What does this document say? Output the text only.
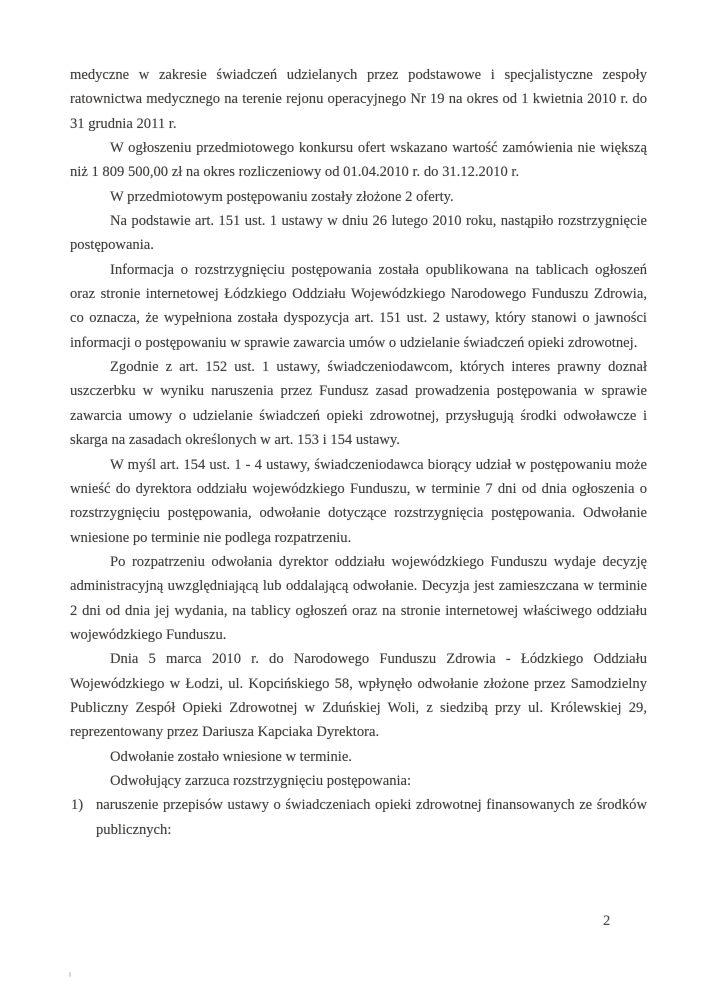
medyczne w zakresie świadczeń udzielanych przez podstawowe i specjalistyczne zespoły ratownictwa medycznego na terenie rejonu operacyjnego Nr 19 na okres od 1 kwietnia 2010 r. do 31 grudnia 2011 r.

W ogłoszeniu przedmiotowego konkursu ofert wskazano wartość zamówienia nie większą niż 1 809 500,00 zł na okres rozliczeniowy od 01.04.2010 r. do 31.12.2010 r.

W przedmiotowym postępowaniu zostały złożone 2 oferty.

Na podstawie art. 151 ust. 1 ustawy w dniu 26 lutego 2010 roku, nastąpiło rozstrzygnięcie postępowania.

Informacja o rozstrzygnięciu postępowania została opublikowana na tablicach ogłoszeń oraz stronie internetowej Łódzkiego Oddziału Wojewódzkiego Narodowego Funduszu Zdrowia, co oznacza, że wypełniona została dyspozycja art. 151 ust. 2 ustawy, który stanowi o jawności informacji o postępowaniu w sprawie zawarcia umów o udzielanie świadczeń opieki zdrowotnej.

Zgodnie z art. 152 ust. 1 ustawy, świadczeniodawcom, których interes prawny doznał uszczerbku w wyniku naruszenia przez Fundusz zasad prowadzenia postępowania w sprawie zawarcia umowy o udzielanie świadczeń opieki zdrowotnej, przysługują środki odwoławcze i skarga na zasadach określonych w art. 153 i 154 ustawy.

W myśl art. 154 ust. 1 - 4 ustawy, świadczeniodawca biorący udział w postępowaniu może wnieść do dyrektora oddziału wojewódzkiego Funduszu, w terminie 7 dni od dnia ogłoszenia o rozstrzygnięciu postępowania, odwołanie dotyczące rozstrzygnięcia postępowania. Odwołanie wniesione po terminie nie podlega rozpatrzeniu.

Po rozpatrzeniu odwołania dyrektor oddziału wojewódzkiego Funduszu wydaje decyzję administracyjną uwzględniającą lub oddalającą odwołanie. Decyzja jest zamieszczana w terminie 2 dni od dnia jej wydania, na tablicy ogłoszeń oraz na stronie internetowej właściwego oddziału wojewódzkiego Funduszu.

Dnia 5 marca 2010 r. do Narodowego Funduszu Zdrowia - Łódzkiego Oddziału Wojewódzkiego w Łodzi, ul. Kopcińskiego 58, wpłynęło odwołanie złożone przez Samodzielny Publiczny Zespół Opieki Zdrowotnej w Zduńskiej Woli, z siedzibą przy ul. Królewskiej 29, reprezentowany przez Dariusza Kapciaka Dyrektora.

Odwołanie zostało wniesione w terminie.

Odwołujący zarzuca rozstrzygnięciu postępowania:

1) naruszenie przepisów ustawy o świadczeniach opieki zdrowotnej finansowanych ze środków publicznych:
2
